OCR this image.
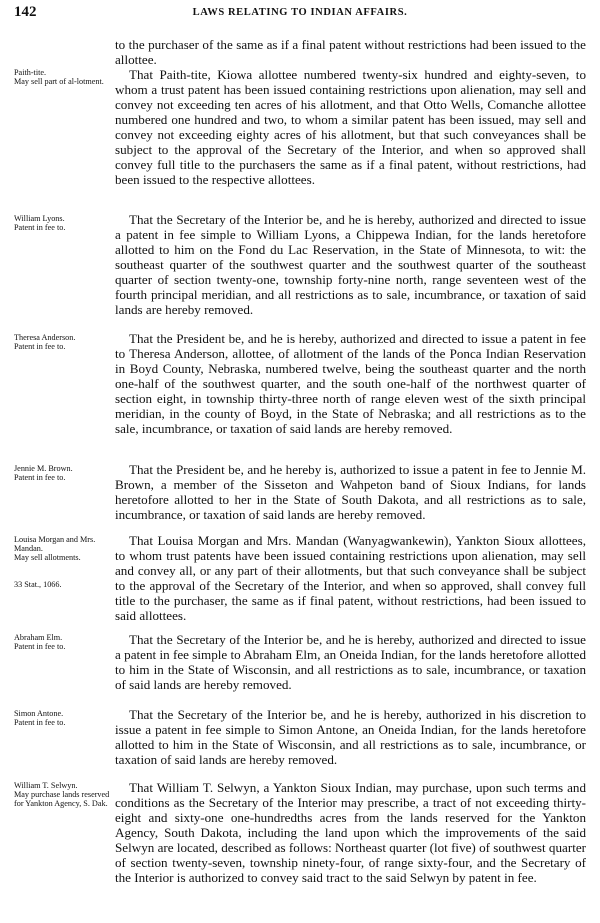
142	LAWS RELATING TO INDIAN AFFAIRS.
Paith-tite.
May sell part of al-lotment.
William Lyons.
Patent in fee to.
Theresa Anderson.
Patent in fee to.
Jennie M. Brown.
Patent in fee to.
Louisa Morgan and Mrs. Mandan.
May sell allotments.
33 Stat., 1066.
Abraham Elm.
Patent in fee to.
Simon Antone.
Patent in fee to.
William T. Selwyn.
May purchase lands reserved for Yankton Agency, S. Dak.

to the purchaser of the same as if a final patent without restrictions had been issued to the allottee.

That Paith-tite, Kiowa allottee numbered twenty-six hundred and eighty-seven, to whom a trust patent has been issued containing restrictions upon alienation, may sell and convey not exceeding ten acres of his allotment, and that Otto Wells, Comanche allottee numbered one hundred and two, to whom a similar patent has been issued, may sell and convey not exceeding eighty acres of his allotment, but that such conveyances shall be subject to the approval of the Secretary of the Interior, and when so approved shall convey full title to the purchasers the same as if a final patent, without restrictions, had been issued to the respective allottees.

That the Secretary of the Interior be, and he is hereby, authorized and directed to issue a patent in fee simple to William Lyons, a Chippewa Indian, for the lands heretofore allotted to him on the Fond du Lac Reservation, in the State of Minnesota, to wit: the southeast quarter of the southwest quarter and the southwest quarter of the southeast quarter of section twenty-one, township forty-nine north, range seventeen west of the fourth principal meridian, and all restrictions as to sale, incumbrance, or taxation of said lands are hereby removed.

That the President be, and he is hereby, authorized and directed to issue a patent in fee to Theresa Anderson, allottee, of allotment of the lands of the Ponca Indian Reservation in Boyd County, Nebraska, numbered twelve, being the southeast quarter and the north one-half of the southwest quarter, and the south one-half of the northwest quarter of section eight, in township thirty-three north of range eleven west of the sixth principal meridian, in the county of Boyd, in the State of Nebraska; and all restrictions as to the sale, incumbrance, or taxation of said lands are hereby removed.

That the President be, and he hereby is, authorized to issue a patent in fee to Jennie M. Brown, a member of the Sisseton and Wahpeton band of Sioux Indians, for lands heretofore allotted to her in the State of South Dakota, and all restrictions as to sale, incumbrance, or taxation of said lands are hereby removed.

That Louisa Morgan and Mrs. Mandan (Wanyagwankewin), Yankton Sioux allottees, to whom trust patents have been issued containing restrictions upon alienation, may sell and convey all, or any part of their allotments, but that such conveyance shall be subject to the approval of the Secretary of the Interior, and when so approved, shall convey full title to the purchaser, the same as if final patent, without restrictions, had been issued to said allottees.

That the Secretary of the Interior be, and he is hereby, authorized and directed to issue a patent in fee simple to Abraham Elm, an Oneida Indian, for the lands heretofore allotted to him in the State of Wisconsin, and all restrictions as to sale, incumbrance, or taxation of said lands are hereby removed.

That the Secretary of the Interior be, and he is hereby, authorized in his discretion to issue a patent in fee simple to Simon Antone, an Oneida Indian, for the lands heretofore allotted to him in the State of Wisconsin, and all restrictions as to sale, incumbrance, or taxation of said lands are hereby removed.

That William T. Selwyn, a Yankton Sioux Indian, may purchase, upon such terms and conditions as the Secretary of the Interior may prescribe, a tract of not exceeding thirty-eight and sixty-one one-hundredths acres from the lands reserved for the Yankton Agency, South Dakota, including the land upon which the improvements of the said Selwyn are located, described as follows: Northeast quarter (lot five) of southwest quarter of section twenty-seven, township ninety-four, of range sixty-four, and the Secretary of the Interior is authorized to convey said tract to the said Selwyn by patent in fee.
